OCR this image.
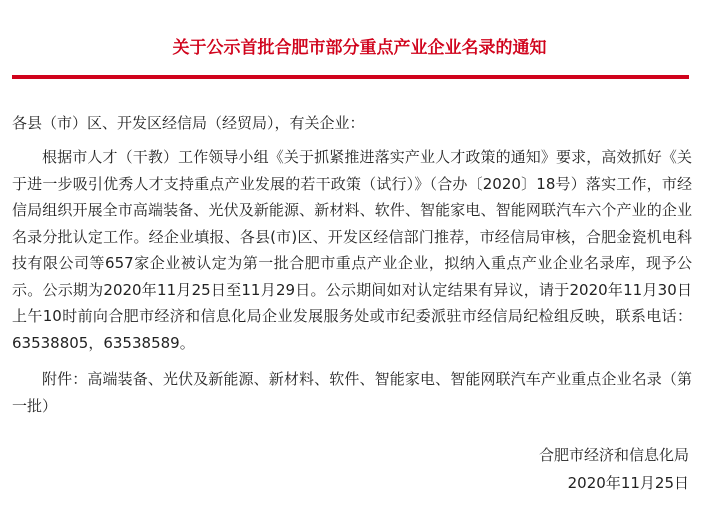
关于公示首批合肥市部分重点产业企业名录的通知
各县（市）区、开发区经信局（经贸局），有关企业：
根据市人才（干教）工作领导小组《关于抓紧推进落实产业人才政策的通知》要求，高效抓好《关于进一步吸引优秀人才支持重点产业发展的若干政策（试行）》（合办〔2020〕18号）落实工作，市经信局组织开展全市高端装备、光伏及新能源、新材料、软件、智能家电、智能网联汽车六个产业的企业名录分批认定工作。经企业填报、各县(市)区、开发区经信部门推荐，市经信局审核，合肥金瓷机电科技有限公司等657家企业被认定为第一批合肥市重点产业企业，拟纳入重点产业企业名录库，现予公示。公示期为2020年11月25日至11月29日。公示期间如对认定结果有异议，请于2020年11月30日上午10时前向合肥市经济和信息化局企业发展服务处或市纪委派驻市经信局纪检组反映，联系电话：63538805，63538589。
附件：高端装备、光伏及新能源、新材料、软件、智能家电、智能网联汽车产业重点企业名录（第一批）
合肥市经济和信息化局
2020年11月25日
